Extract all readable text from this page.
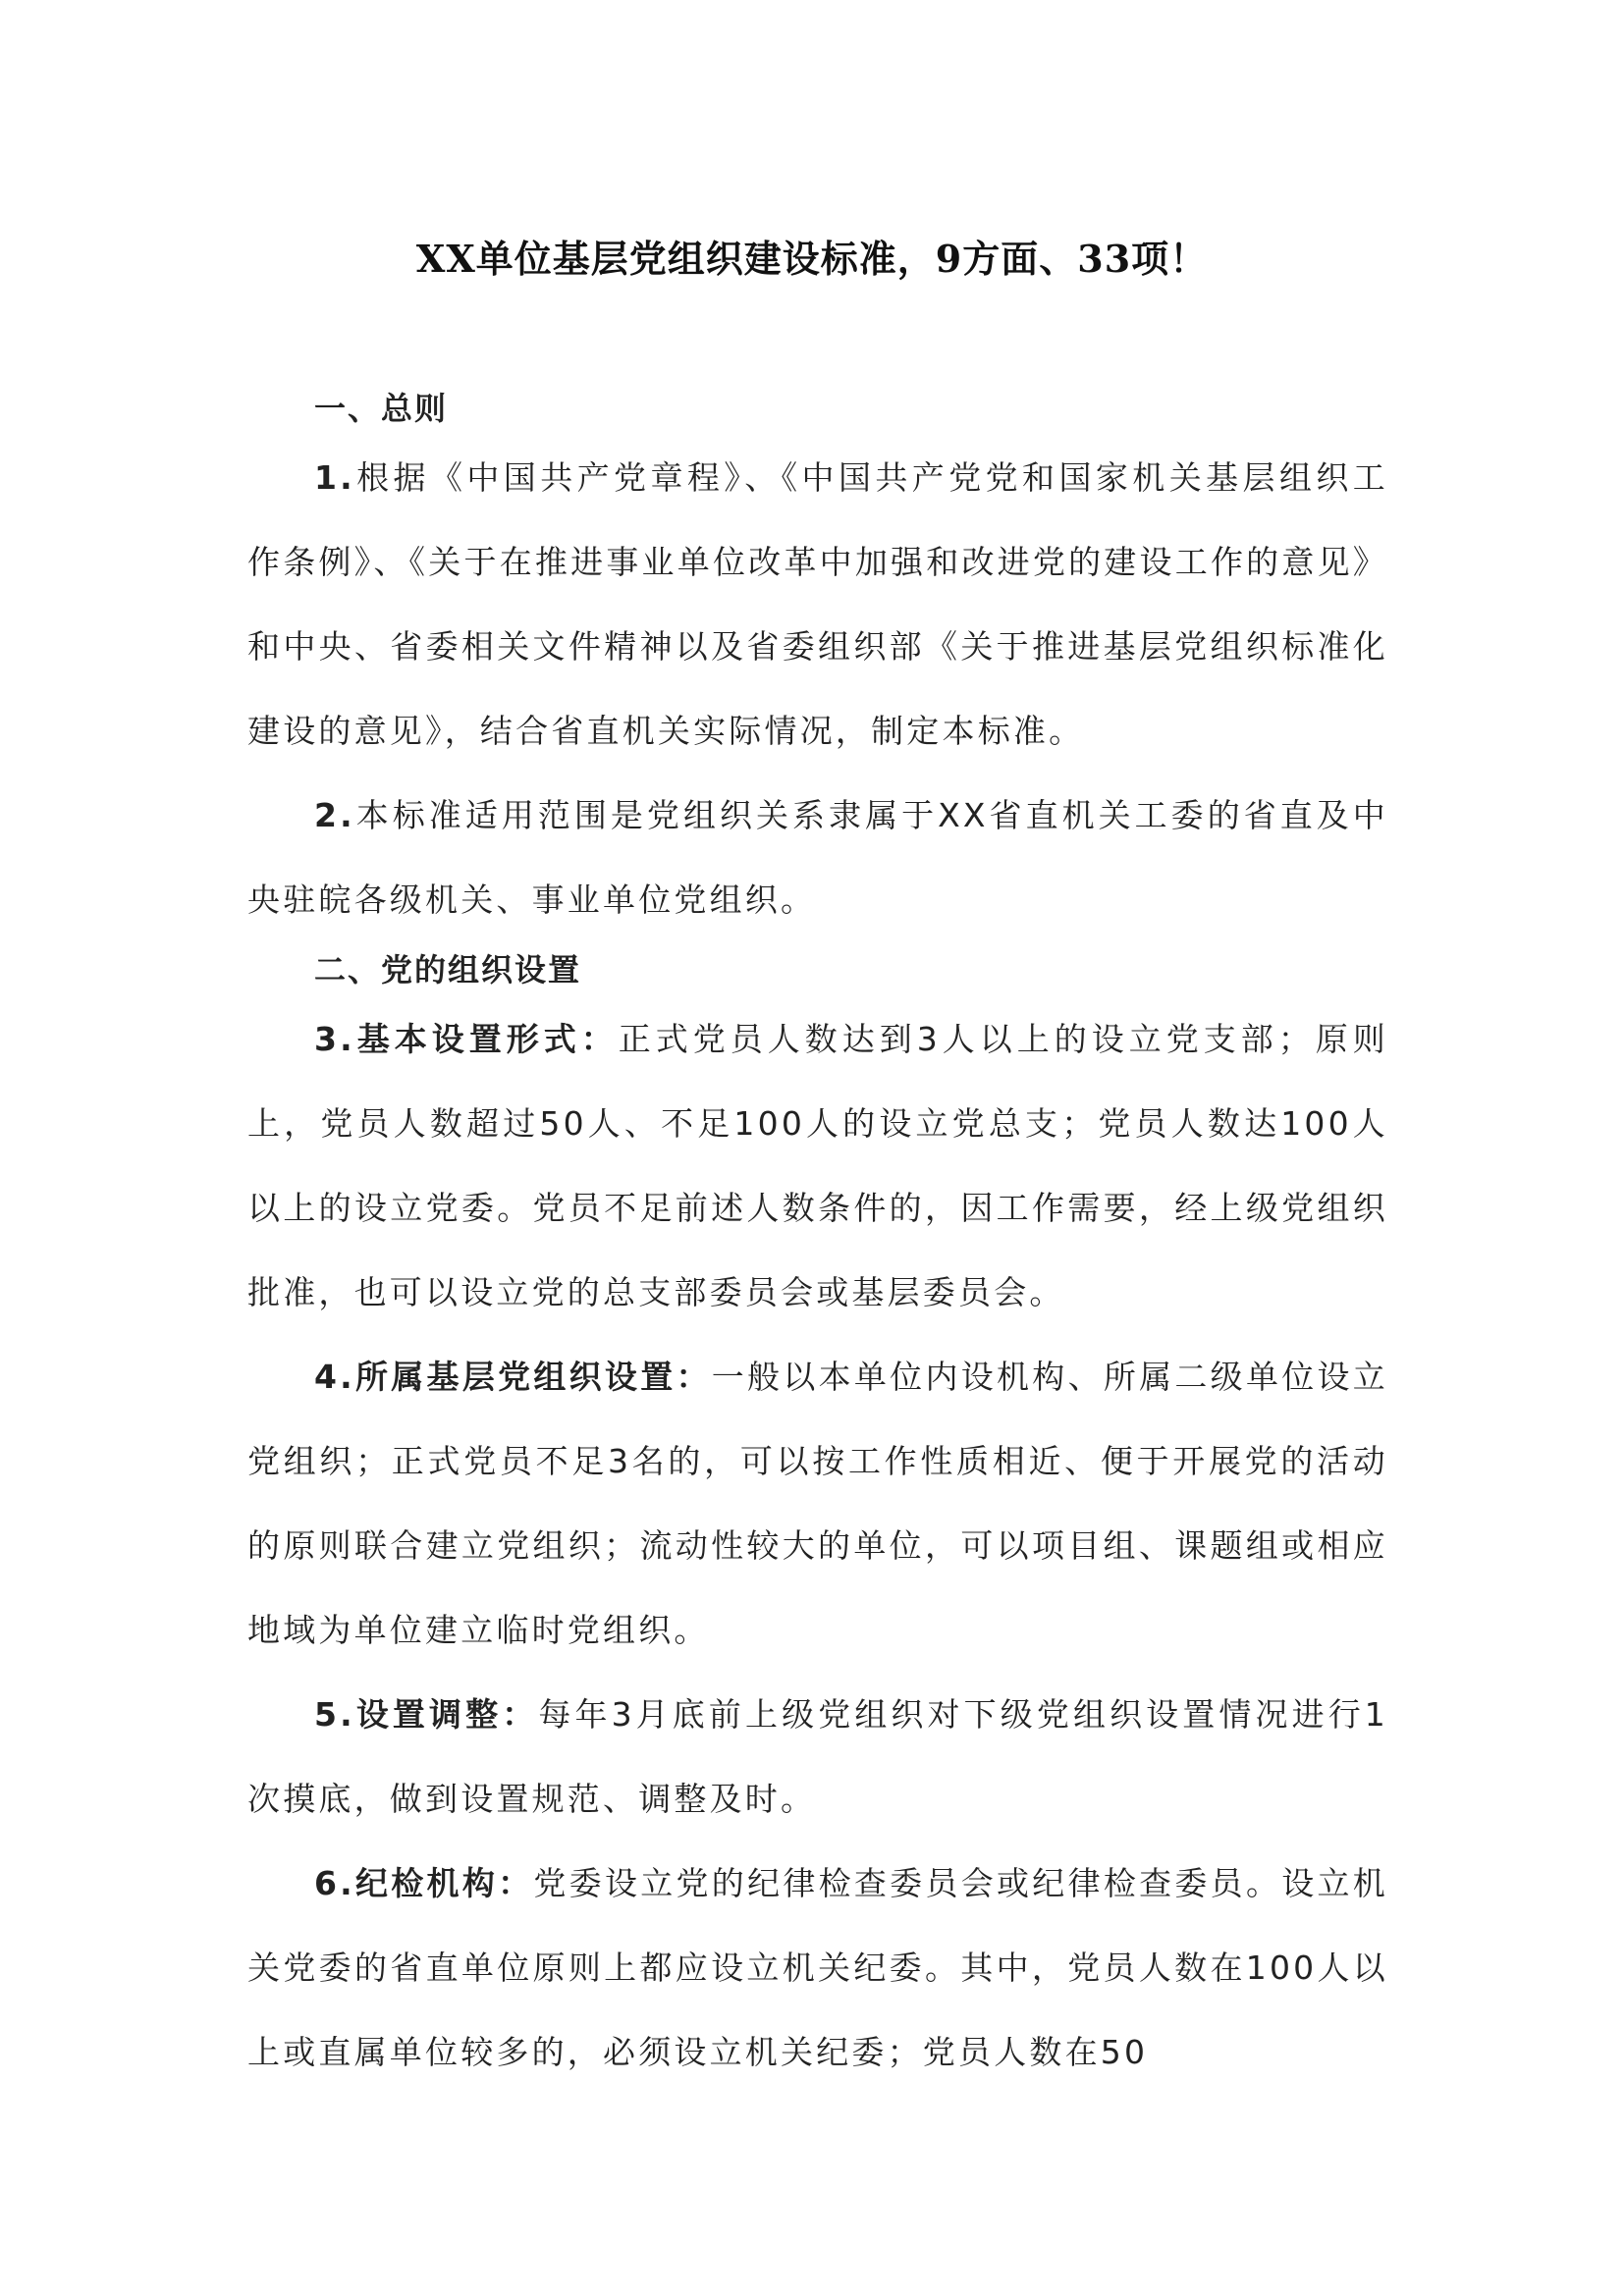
XX单位基层党组织建设标准，9方面、33项！
一、总则

1.根据《中国共产党章程》、《中国共产党党和国家机关基层组织工作条例》、《关于在推进事业单位改革中加强和改进党的建设工作的意见》和中央、省委相关文件精神以及省委组织部《关于推进基层党组织标准化建设的意见》，结合省直机关实际情况，制定本标准。

2.本标准适用范围是党组织关系隶属于XX省直机关工委的省直及中央驻皖各级机关、事业单位党组织。

二、党的组织设置

3.基本设置形式：正式党员人数达到3人以上的设立党支部；原则上，党员人数超过50人、不足100人的设立党总支；党员人数达100人以上的设立党委。党员不足前述人数条件的，因工作需要，经上级党组织批准，也可以设立党的总支部委员会或基层委员会。

4.所属基层党组织设置：一般以本单位内设机构、所属二级单位设立党组织；正式党员不足3名的，可以按工作性质相近、便于开展党的活动的原则联合建立党组织；流动性较大的单位，可以项目组、课题组或相应地域为单位建立临时党组织。

5.设置调整：每年3月底前上级党组织对下级党组织设置情况进行1次摸底，做到设置规范、调整及时。

6.纪检机构：党委设立党的纪律检查委员会或纪律检查委员。设立机关党委的省直单位原则上都应设立机关纪委。其中，党员人数在100人以上或直属单位较多的，必须设立机关纪委；党员人数在50
